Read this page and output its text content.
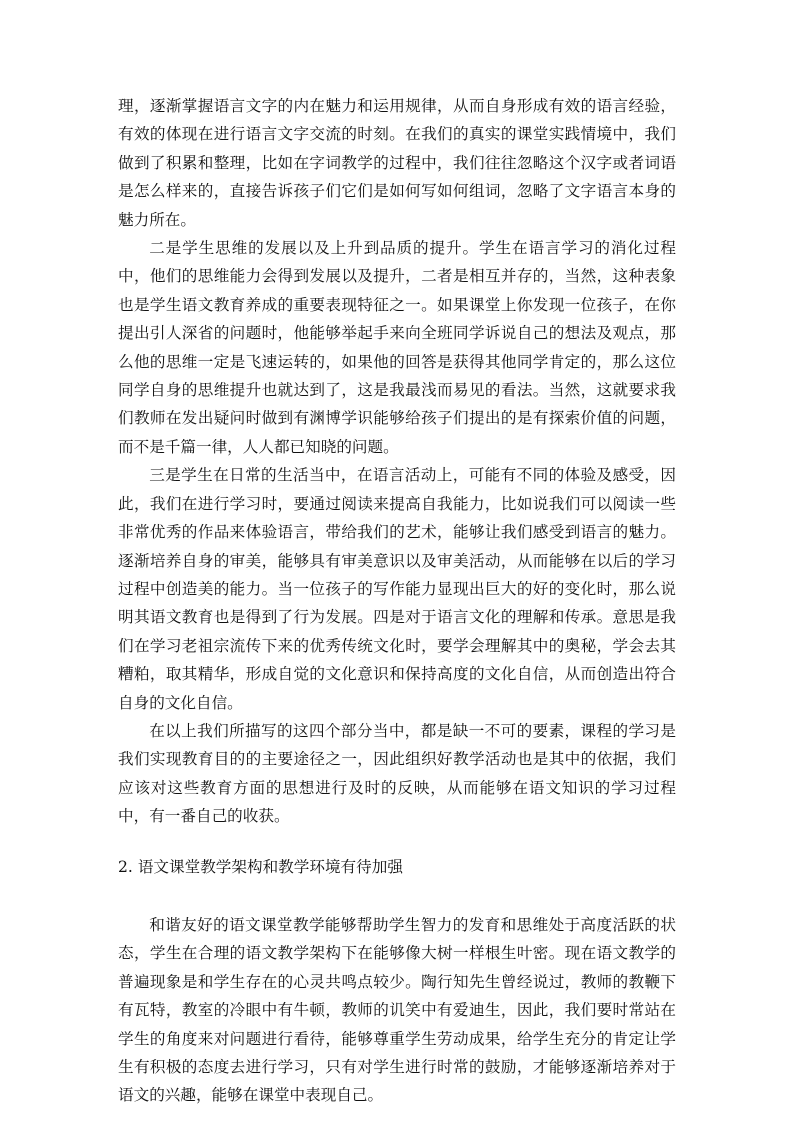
理，逐渐掌握语言文字的内在魅力和运用规律，从而自身形成有效的语言经验，有效的体现在进行语言文字交流的时刻。在我们的真实的课堂实践情境中，我们做到了积累和整理，比如在字词教学的过程中，我们往往忽略这个汉字或者词语是怎么样来的，直接告诉孩子们它们是如何写如何组词，忽略了文字语言本身的魅力所在。

二是学生思维的发展以及上升到品质的提升。学生在语言学习的消化过程中，他们的思维能力会得到发展以及提升，二者是相互并存的，当然，这种表象也是学生语文教育养成的重要表现特征之一。如果课堂上你发现一位孩子，在你提出引人深省的问题时，他能够举起手来向全班同学诉说自己的想法及观点，那么他的思维一定是飞速运转的，如果他的回答是获得其他同学肯定的，那么这位同学自身的思维提升也就达到了，这是我最浅而易见的看法。当然，这就要求我们教师在发出疑问时做到有渊博学识能够给孩子们提出的是有探索价值的问题，而不是千篇一律，人人都已知晓的问题。

三是学生在日常的生活当中，在语言活动上，可能有不同的体验及感受，因此，我们在进行学习时，要通过阅读来提高自我能力，比如说我们可以阅读一些非常优秀的作品来体验语言，带给我们的艺术，能够让我们感受到语言的魅力。逐渐培养自身的审美，能够具有审美意识以及审美活动，从而能够在以后的学习过程中创造美的能力。当一位孩子的写作能力显现出巨大的好的变化时，那么说明其语文教育也是得到了行为发展。四是对于语言文化的理解和传承。意思是我们在学习老祖宗流传下来的优秀传统文化时，要学会理解其中的奥秘，学会去其糟粕，取其精华，形成自觉的文化意识和保持高度的文化自信，从而创造出符合自身的文化自信。

在以上我们所描写的这四个部分当中，都是缺一不可的要素，课程的学习是我们实现教育目的的主要途径之一，因此组织好教学活动也是其中的依据，我们应该对这些教育方面的思想进行及时的反映，从而能够在语文知识的学习过程中，有一番自己的收获。

2. 语文课堂教学架构和教学环境有待加强

和谐友好的语文课堂教学能够帮助学生智力的发育和思维处于高度活跃的状态，学生在合理的语文教学架构下在能够像大树一样根生叶密。现在语文教学的普遍现象是和学生存在的心灵共鸣点较少。陶行知先生曾经说过，教师的教鞭下有瓦特，教室的冷眼中有牛顿，教师的讥笑中有爱迪生，因此，我们要时常站在学生的角度来对问题进行看待，能够尊重学生劳动成果，给学生充分的肯定让学生有积极的态度去进行学习，只有对学生进行时常的鼓励，才能够逐渐培养对于语文的兴趣，能够在课堂中表现自己。
